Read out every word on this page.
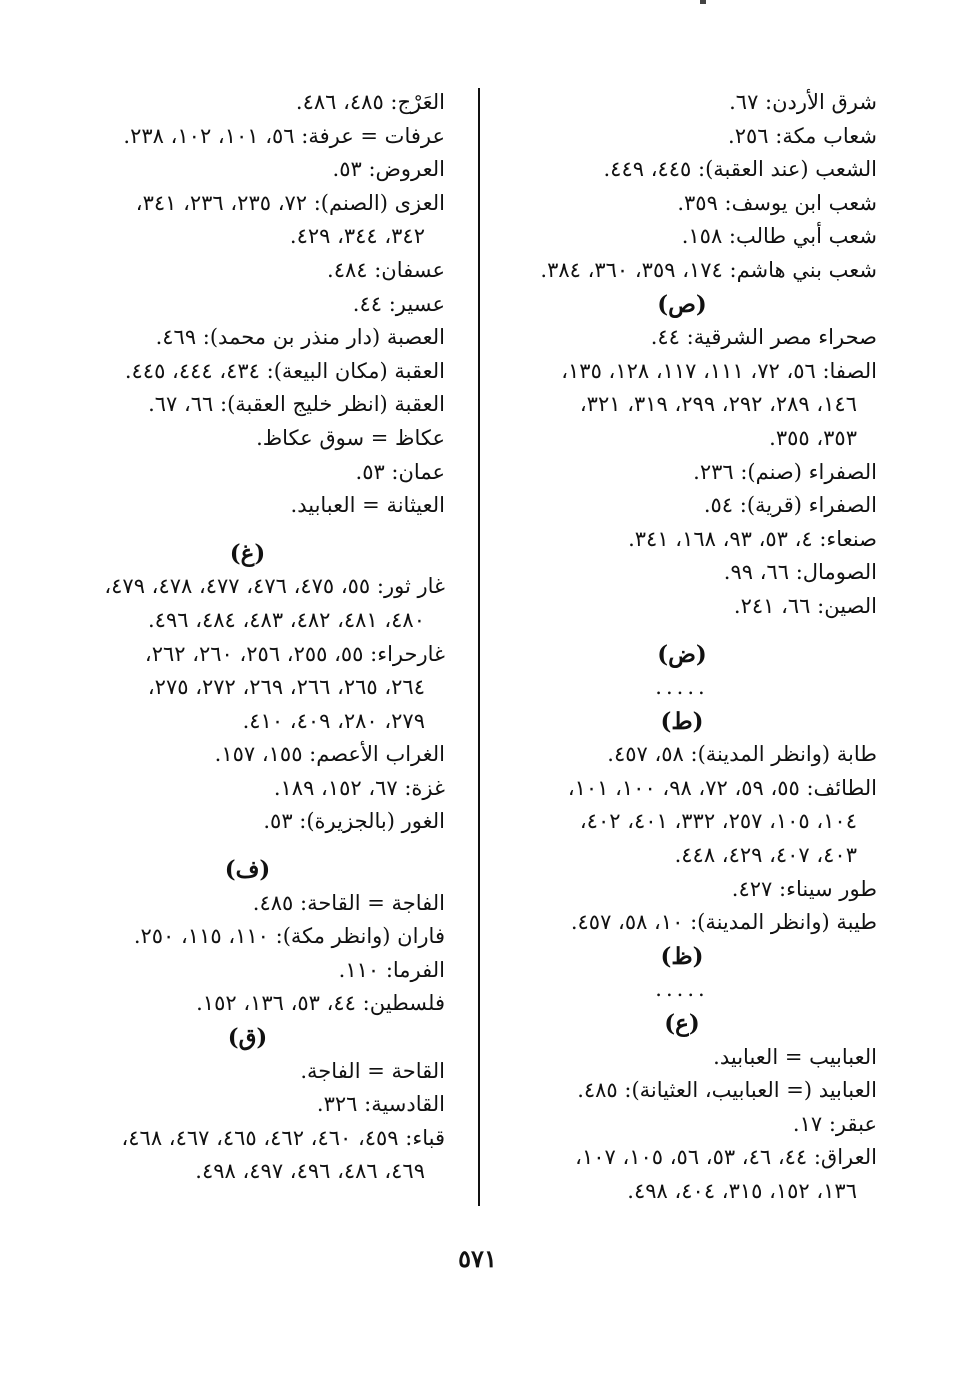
شرق الأردن: ٦٧.
شعاب مكة: ٢٥٦.
الشعب (عند العقبة): ٤٤٥، ٤٤٩.
شعب ابن يوسف: ٣٥٩.
شعب أبي طالب: ١٥٨.
شعب بني هاشم: ١٧٤، ٣٥٩، ٣٦٠، ٣٨٤.
(ص)
صحراء مصر الشرقية: ٤٤.
الصفا: ٥٦، ٧٢، ١١١، ١١٧، ١٢٨، ١٣٥،
١٤٦، ٢٨٩، ٢٩٢، ٢٩٩، ٣١٩، ٣٢١،
٣٥٣، ٣٥٥.
الصفراء (صنم): ٢٣٦.
الصفراء (قرية): ٥٤.
صنعاء: ٤، ٥٣، ٩٣، ١٦٨، ٣٤١.
الصومال: ٦٦، ٩٩.
الصين: ٦٦، ٢٤١.
(ض)
.....
(ط)
طابة (وانظر المدينة): ٥٨، ٤٥٧.
الطائف: ٥٥، ٥٩، ٧٢، ٩٨، ١٠٠، ١٠١،
١٠٤، ١٠٥، ٢٥٧، ٣٣٢، ٤٠١، ٤٠٢،
٤٠٣، ٤٠٧، ٤٢٩، ٤٤٨.
طور سيناء: ٤٢٧.
طيبة (وانظر المدينة): ١٠، ٥٨، ٤٥٧.
(ظ)
.....
(ع)
العبابيب = العبابيد.
العبابيد (= العبابيب، العثيانة): ٤٨٥.
عبقر: ١٧.
العراق: ٤٤، ٤٦، ٥٣، ٥٦، ١٠٥، ١٠٧،
١٣٦، ١٥٢، ٣١٥، ٤٠٤، ٤٩٨.
العَرْج: ٤٨٥، ٤٨٦.
عرفات = عرفة: ٥٦، ١٠١، ١٠٢، ٢٣٨.
العروض: ٥٣.
العزى (الصنم): ٧٢، ٢٣٥، ٢٣٦، ٣٤١،
٣٤٢، ٣٤٤، ٤٢٩.
عسفان: ٤٨٤.
عسير: ٤٤.
العصبة (دار منذر بن محمد): ٤٦٩.
العقبة (مكان البيعة): ٤٣٤، ٤٤٤، ٤٤٥.
العقبة (انظر خليج العقبة): ٦٦، ٦٧.
عكاظ = سوق عكاظ.
عمان: ٥٣.
العيثانة = العبابيد.
(غ)
غار ثور: ٥٥، ٤٧٥، ٤٧٦، ٤٧٧، ٤٧٨، ٤٧٩،
٤٨٠، ٤٨١، ٤٨٢، ٤٨٣، ٤٨٤، ٤٩٦.
غارحراء: ٥٥، ٢٥٥، ٢٥٦، ٢٦٠، ٢٦٢،
٢٦٤، ٢٦٥، ٢٦٦، ٢٦٩، ٢٧٢، ٢٧٥،
٢٧٩، ٢٨٠، ٤٠٩، ٤١٠.
الغراب الأعصم: ١٥٥، ١٥٧.
غزة: ٦٧، ١٥٢، ١٨٩.
الغور (بالجزيرة): ٥٣.
(ف)
الفاجة = القاحة: ٤٨٥.
فاران (وانظر مكة): ١١٠، ١١٥، ٢٥٠.
الفرما: ١١٠.
فلسطين: ٤٤، ٥٣، ١٣٦، ١٥٢.
(ق)
القاحة = الفاجة.
القادسية: ٣٢٦.
قباء: ٤٥٩، ٤٦٠، ٤٦٢، ٤٦٥، ٤٦٧، ٤٦٨،
٤٦٩، ٤٨٦، ٤٩٦، ٤٩٧، ٤٩٨.
٥٧١
